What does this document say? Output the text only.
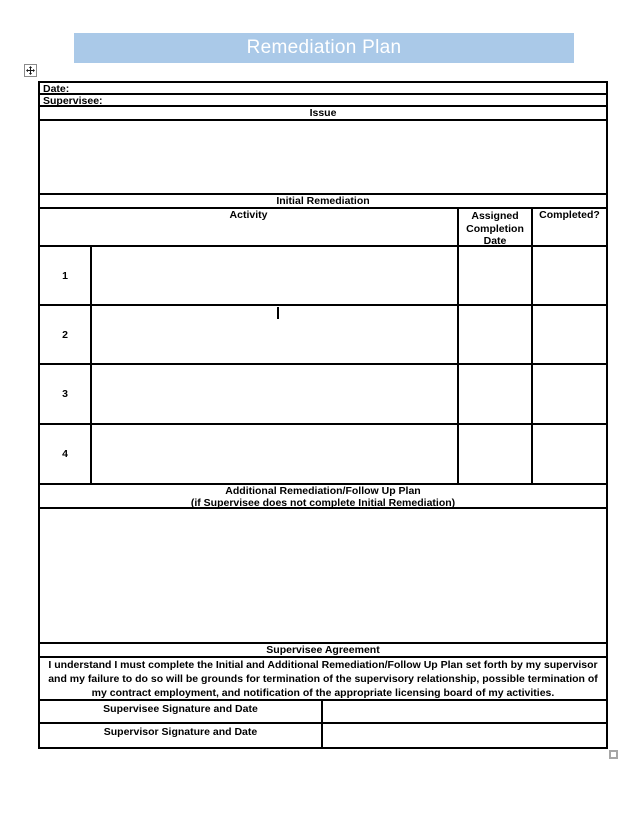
Remediation Plan
Date:
Supervisee:
Issue
Initial Remediation
Activity	Assigned Completion Date
Completed?
1
2
3
4
Additional Remediation/Follow Up Plan
(if Supervisee does not complete Initial Remediation)
Supervisee Agreement
I understand I must complete the Initial and Additional Remediation/Follow Up Plan set forth by my supervisor and my failure to do so will be grounds for termination of the supervisory relationship, possible termination of my contract employment, and notification of the appropriate licensing board of my activities.
Supervisee Signature and Date
Supervisor Signature and Date
